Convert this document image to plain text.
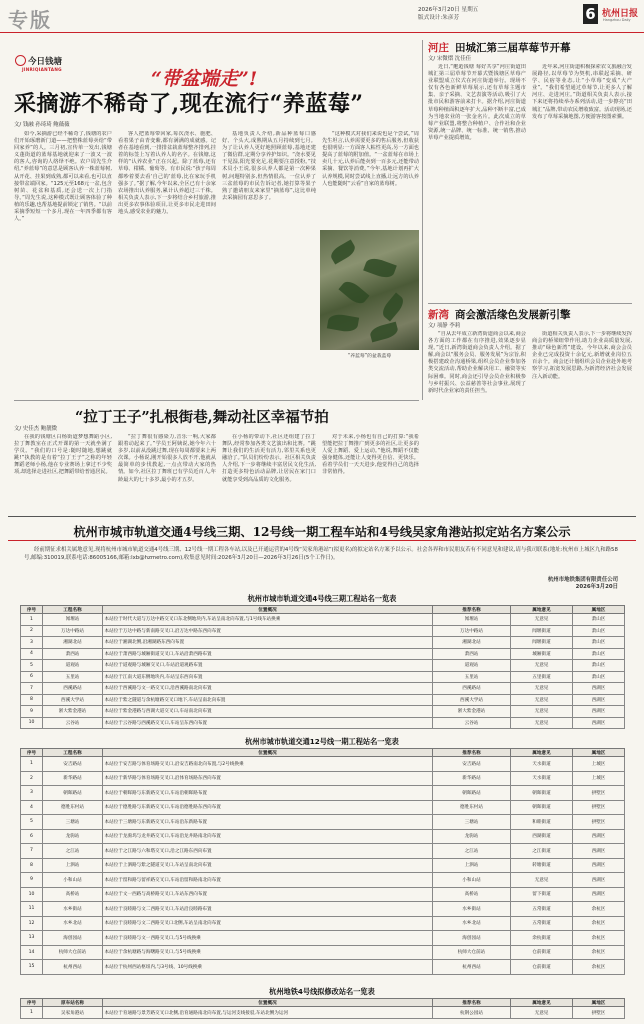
专版	2026年3月20日 星期五
版式设计:朱彦芳	6 杭州日报
Hangzhou Daily
今日钱塘
JINRIQIANTANG	“带盆端走”!
采摘游不稀奇了,现在流行“养蓝莓”
文/ 钱融 孙琦琦 鲍薇薇
如今,采摘游已经不稀奇了,钱塘的农户们开始琢磨新门道——把整株蓝莓卖给“带回家养”的人。三月初,宣传单一发出,钱塘义蓬街道的蓝莓基地就迎来了一波又一波的客人,咨询的人络绎不绝。农户周先生介绍,“养蓝莓”的意思是顾客认养一株蓝莓树,从开花、挂果到成熟,都可以来看,也可以直接带盆端回家。“125元至168元一盆,包含树苗、花盆和基质,还会送一次上门指导。”周先生说,这种模式既让顾客体验了种植的乐趣,也帮基地提前锁定了销售。“以前采摘季短短一个多月,现在一年四季都有客人。”
客人把蓝莓带回家,每次浇水、施肥、看着果子由青变紫,都有满满的成就感。记者在基地看到,一排排盆栽蓝莓整齐排列,挂着的标签上写着认养人的名字。在钱塘,这样的“认养农业”正在兴起。除了蓝莓,还有草莓、柑橘、葡萄等。有市民说:“孩子每周都吵着要去看‘自己的’蓝莓,比在家玩手机强多了。”据了解,今年以来,全区已有十余家农场推出认养服务,累计认养超过三千株。相关负责人表示,下一步将结合乡村旅游,推出更多农事体验项目,让更多市民走进田间地头,感受农业的魅力。
基地负责人介绍,新品种蓝莓口感好、个头大,成熟期从五月持续到七月。为了让认养人更好地照顾蓝莓,基地还建了微信群,定期分享养护知识。“浇水要见干见湿,阳光要充足,花期要注意授粉。”技术员小王说,很多认养人都是第一次种果树,问题特别多,但热情很高。一位认养了三盆蓝莓的市民告诉记者,她打算等果子熟了邀请朋友来家里“摘蓝莓”,这比单纯去采摘园有意思多了。
“这种模式对我们来说也是个尝试。”周先生坦言,认养需要更多的售后服务,但收获也很明显:一方面客人粘性更高,另一方面也提高了蓝莓的附加值。“一盆蓝莓在市场上卖几十元,认养后能卖到一百多元,还能带动采摘、餐饮等消费。”今年,基地计划再扩大认养规模,同时尝试线上直播,让远方的认养人也能随时“云看”自家的蓝莓树。
“养蓝莓”的盆栽蓝莓
河庄 田城汇第三届草莓节开幕
文/ 宋微熠 沈佳佳
近日,“邂逅钱塘 莓好共享”河庄街道田城汇第三届草莓节开幕式暨钱塘区草莓产业联盟成立仪式在河庄街道举行。现场不仅有各色新鲜草莓展示,还有草莓主题市集、亲子采摘、文艺表演等活动,吸引了大批市民和游客前来打卡。据介绍,河庄街道草莓种植面积逐年扩大,品种不断丰富,已成为当地农业的一张金名片。此次成立的草莓产业联盟,将整合种植户、合作社和企业资源,统一品牌、统一标准、统一销售,推动草莓产业提质增效。
近年来,河庄街道积极探索农文旅融合发展路径,以草莓节为契机,串联起采摘、研学、民宿等业态,让“小草莓”变成“大产业”。“我们希望通过草莓节,让更多人了解河庄、走进河庄。”街道相关负责人表示,接下来还将持续举办系列活动,进一步擦亮“田城汇”品牌,带动农民增收致富。活动现场,还发布了草莓采摘地图,方便游客按图索骥。
新湾 商会激活缘色发展新引擎
文/ 项静 李莉
“自从去年成立新湾街道商会以来,商会各方面的工作都在有序推进,效果逐步显现。”近日,新湾街道商会负责人介绍。据了解,商会以“服务会员、服务发展”为宗旨,积极搭建政企沟通桥梁,组织会员企业参加各类交流活动,帮助企业解决用工、融资等实际困难。同时,商会还引导会员企业积极参与乡村振兴、公益慈善等社会事业,展现了新时代企业家的责任担当。
街道相关负责人表示,下一步将继续发挥商会的桥梁纽带作用,助力企业高质量发展,推动“绿色新湾”建设。今年以来,商会会员企业已完成投资十余亿元,新增就业岗位五百余个。商会还计划组织会员企业赴外地考察学习,拓宽发展思路,为新湾经济社会发展注入新动能。
“拉丁王子”扎根街巷,舞动社区幸福节拍
文/ 史佳杰 鲍靓微
在我的钱塘区白杨街道梦想舞蹈小区,拉丁舞教室在正式开课的第一天就坐满了学员。“我们的口号是:随时随地,想跳就跳!”执教的是有着“拉丁王子”之称的年轻舞蹈老师小杨,他在专业赛场上拿过不少奖项,却选择走进社区,把舞蹈带给普通居民。
“拉丁舞很有感染力,音乐一响,大家都跟着动起来了。”学员王阿姨说,她今年六十多岁,以前从没跳过舞,现在每周都要来上两次课。小杨说,刚开始很多人放不开,他就从最简单的步伐教起,一点点带动大家的热情。如今,社区拉丁舞班已有学员近百人,年龄最大的七十多岁,最小的才五岁。
在小杨的带动下,社区还组建了拉丁舞队,经常参加各类文艺演出和比赛。“跳舞让我们的生活更有活力,邻里关系也更融洽了。”队员们纷纷表示。社区相关负责人介绍,下一步将继续丰富居民文化生活,打造更多特色活动品牌,让居民在家门口就能享受到高品质的文化服务。
对于未来,小杨也有自己的打算:“我希望能把拉丁舞推广到更多的社区,让更多的人爱上舞蹈、爱上运动。”他说,舞蹈不仅能强身健体,还能让人变得更自信、更快乐。看着学员们一天天进步,他觉得自己的选择非常值得。
杭州市城市轨道交通4号线三期、12号线一期工程车站和4号线吴家角港站拟定站名方案公示
经前期征求相关属地意见,现将杭州市城市轨道交通4号线三期、12号线一期工程各车站,以及已开通运营的4号线“吴家角港站”(拟更名)的拟定站名方案予以公示。社会各界和市民朋友若有不同意见和建议,请与我司联系(地址:杭州市上城区九和路58号,邮编:310019,联系电话:86005166,邮箱:lxb@hzmetro.com),收集意见时间:2026年3月20日—2026年3月26日(5个工作日)。
杭州市地铁集团有限责任公司
2026年3月20日
杭州市城市轨道交通4号线三期工程站名一览表
序号	工程名称	位置概况	推荐名称	属地意见	属地区
1	闻堰站	本站位于时代大道与万达中路交叉口东北侧地块内,车站呈南北向布置,与1号线车站换乘	闻堰站	无意见	萧山区
2	万达中路站	本站位于万达中路与新南路交叉口,沿万达中路东西向布置	万达中路站	闻堰街道	萧山区
3	湘湖北站	本站位于湘湖北侧,沿湘湖路东西向布置	湘湖北站	闻堰街道	萧山区
4	萧西站	本站位于萧西路与城厢街道交叉口,车站沿萧西路布置	萧西站	城厢街道	萧山区
5	道观站	本站位于道观路与城厢交叉口,车站沿道观路布置	道观站	无意见	萧山区
6	五里站	本站位于江南大道东侧地块内,车站呈东西向布置	五里站	五里街道	萧山区
7	西溪路站	本站位于西溪路与文一路交叉口,沿西溪路南北向布置	西溪路站	无意见	西湖区
8	西溪大学站	本站位于紫之隧道与余杭塘路交叉口地下,车站呈南北向布置	西溪大学站	无意见	西湖区
9	浙大紫金港站	本站位于紫金港路与西湖大道交叉口,车站南北向布置	浙大紫金港站	无意见	西湖区
10	云谷站	本站位于云谷路与西溪路交叉口,车站呈东西向布置	云谷站	无意见	西湖区
杭州市城市轨道交通12号线一期工程站名一览表
序号	工程名称	位置概况	推荐名称	属地意见	属地区
1	安吉路站	本站位于安吉路与体育场路交叉口,沿安吉路南北向布置,与2号线换乘	安吉路站	天水街道	上城区
2	新华路站	本站位于新华路与体育场路交叉口,沿体育场路东西向布置	新华路站	天水街道	上城区
3	朝晖路站	本站位于朝晖路与东新路交叉口,车站沿朝晖路布置	朝晖路站	朝晖街道	拱墅区
4	德胜东村站	本站位于德胜路与东新路交叉口,车站沿德胜路东西向布置	德胜东村站	朝晖街道	拱墅区
5	三塘站	本站位于三塘路与东新路交叉口,车站沿东新路布置	三塘站	和睦街道	拱墅区
6	龙驹站	本站位于龙驹坞与龙井路交叉口,车站沿龙井路南北向布置	龙驹站	西湖街道	西湖区
7	之江站	本站位于之江路与六和塔交叉口,沿之江路东西向布置	之江站	之江街道	西湖区
8	上泗站	本站位于上泗路与紫之隧道交叉口,车站呈南北向布置	上泗站	转塘街道	西湖区
9	小和山站	本站位于留和路与留祥路交叉口,车站沿留和路南北向布置	小和山站	无意见	西湖区
10	高桥站	本站位于文一西路与高桥路交叉口,车站东西向布置	高桥站	留下街道	西湖区
11	水乡街站	本站位于良睦路与文二西路交叉口,车站沿良睦路布置	水乡街站	五常街道	余杭区
12	水乡北站	本站位于良睦路与文二西路交叉口北侧,车站呈南北向布置	水乡北站	五常街道	余杭区
13	海创园站	本站位于良睦路与文一西路交叉口,与5号线换乘	海创园站	余杭街道	余杭区
14	杭师大仓前站	本站位于余杭塘路与海曙路交叉口,与5号线换乘	杭师大仓前站	仓前街道	余杭区
15	杭州西站	本站位于杭州西站枢纽内,与3号线、10号线换乘	杭州西站	仓前街道	余杭区
杭州地铁4号线拟修改站名一览表
序号	原车站名称	位置概况	推荐名称	属地意见	属地区
1	吴家角港站	本站位于育通路与景芳路交叉口北侧,沿育通路南北向布置,与运河支线接驳,车站北侧为运河	杭钢公园站	无意见	拱墅区
